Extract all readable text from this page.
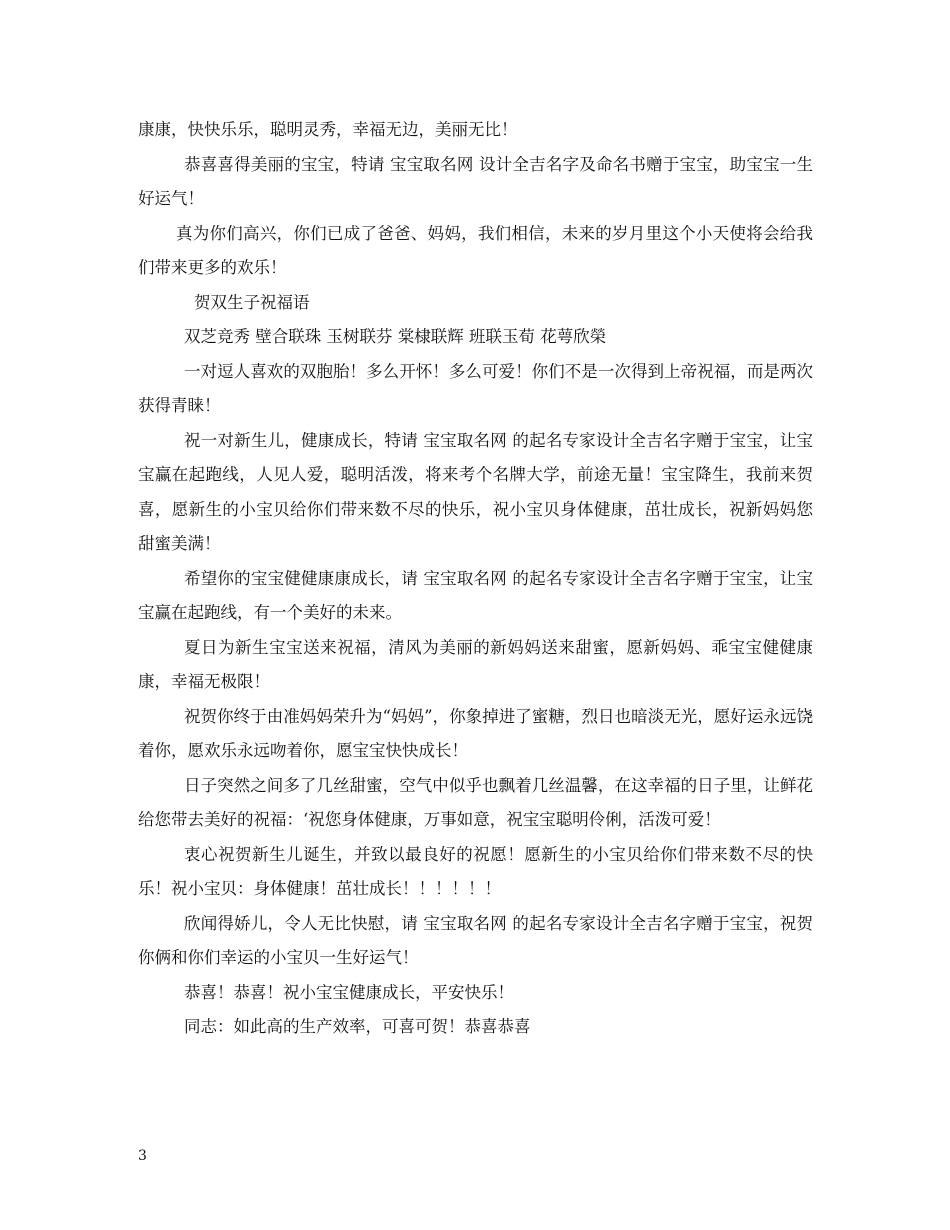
康康，快快乐乐，聪明灵秀，幸福无边，美丽无比！

恭喜喜得美丽的宝宝，特请 宝宝取名网 设计全吉名字及命名书赠于宝宝，助宝宝一生好运气！

真为你们高兴，你们已成了爸爸、妈妈，我们相信，未来的岁月里这个小天使将会给我们带来更多的欢乐！

贺双生子祝福语

双芝竞秀 壁合联珠 玉树联芬 棠棣联辉 班联玉荀 花萼欣榮

一对逗人喜欢的双胞胎！多么开怀！多么可爱！你们不是一次得到上帝祝福，而是两次获得青睐！

祝一对新生儿，健康成长，特请 宝宝取名网 的起名专家设计全吉名字赠于宝宝，让宝宝赢在起跑线，人见人爱，聪明活泼，将来考个名牌大学，前途无量！宝宝降生，我前来贺喜，愿新生的小宝贝给你们带来数不尽的快乐，祝小宝贝身体健康，茁壮成长，祝新妈妈您甜蜜美满！

希望你的宝宝健健康康成长，请 宝宝取名网 的起名专家设计全吉名字赠于宝宝，让宝宝赢在起跑线，有一个美好的未来。

夏日为新生宝宝送来祝福，清风为美丽的新妈妈送来甜蜜，愿新妈妈、乖宝宝健健康康，幸福无极限！

祝贺你终于由准妈妈荣升为“妈妈”，你象掉进了蜜糖，烈日也暗淡无光，愿好运永远饶着你，愿欢乐永远吻着你，愿宝宝快快成长！

日子突然之间多了几丝甜蜜，空气中似乎也飘着几丝温馨，在这幸福的日子里，让鲜花给您带去美好的祝福：‘祝您身体健康，万事如意，祝宝宝聪明伶俐，活泼可爱！

衷心祝贺新生儿诞生，并致以最良好的祝愿！愿新生的小宝贝给你们带来数不尽的快乐！祝小宝贝：身体健康！茁壮成长！！！！！！

欣闻得娇儿，令人无比快慰，请 宝宝取名网 的起名专家设计全吉名字赠于宝宝，祝贺你俩和你们幸运的小宝贝一生好运气！

恭喜！恭喜！祝小宝宝健康成长，平安快乐！

同志：如此高的生产效率，可喜可贺！恭喜恭喜

3
